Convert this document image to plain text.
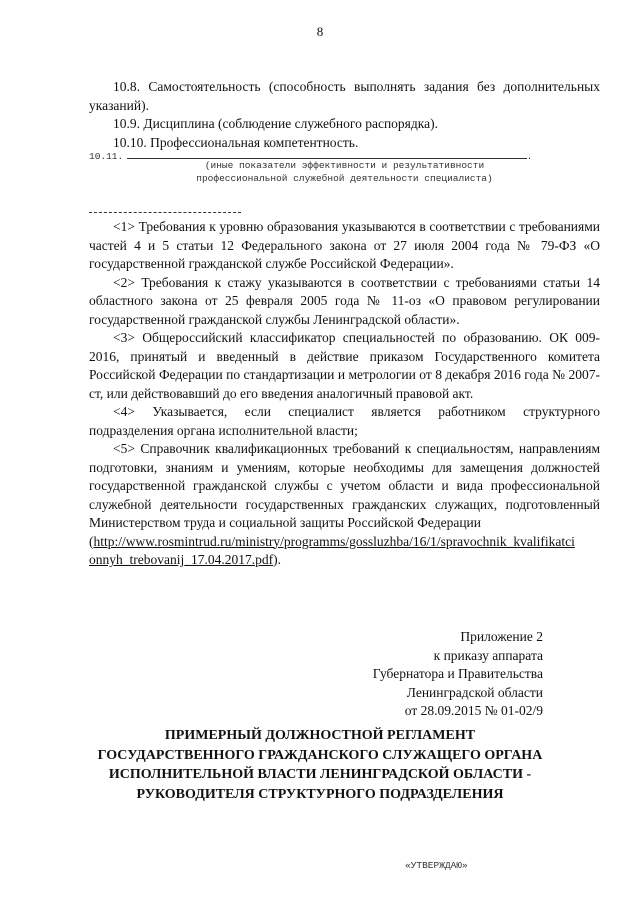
8

10.8. Самостоятельность (способность выполнять задания без дополнительных указаний).

10.9. Дисциплина (соблюдение служебного распорядка).

10.10. Профессиональная компетентность.

10.11.	.
(иные показатели эффективности и результативности
профессиональной служебной деятельности специалиста)

<1> Требования к уровню образования указываются в соответствии с требованиями частей 4 и 5 статьи 12 Федерального закона от 27 июля 2004 года № 79-ФЗ «О государственной гражданской службе Российской Федерации».

<2> Требования к стажу указываются в соответствии с требованиями статьи 14 областного закона от 25 февраля 2005 года № 11-оз «О правовом регулировании государственной гражданской службы Ленинградской области».

<3> Общероссийский классификатор специальностей по образованию. ОК 009-2016, принятый и введенный в действие приказом Государственного комитета Российской Федерации по стандартизации и метрологии от 8 декабря 2016 года № 2007-ст, или действовавший до его введения аналогичный правовой акт.

<4> Указывается, если специалист является работником структурного подразделения органа исполнительной власти;

<5> Справочник квалификационных требований к специальностям, направлениям подготовки, знаниям и умениям, которые необходимы для замещения должностей государственной гражданской службы с учетом области и вида профессиональной служебной деятельности государственных гражданских служащих, подготовленный Министерством труда и социальной защиты Российской Федерации

(http://www.rosmintrud.ru/ministry/programms/gossluzhba/16/1/spravochnik_kvalifikatci
onnyh_trebovanij_17.04.2017.pdf).

Приложение 2
к приказу аппарата
Губернатора и Правительства
Ленинградской области
от 28.09.2015 № 01-02/9
ПРИМЕРНЫЙ ДОЛЖНОСТНОЙ РЕГЛАМЕНТ
ГОСУДАРСТВЕННОГО ГРАЖДАНСКОГО СЛУЖАЩЕГО ОРГАНА
ИСПОЛНИТЕЛЬНОЙ ВЛАСТИ ЛЕНИНГРАДСКОЙ ОБЛАСТИ -
РУКОВОДИТЕЛЯ СТРУКТУРНОГО ПОДРАЗДЕЛЕНИЯ
«УТВЕРЖДАЮ»
